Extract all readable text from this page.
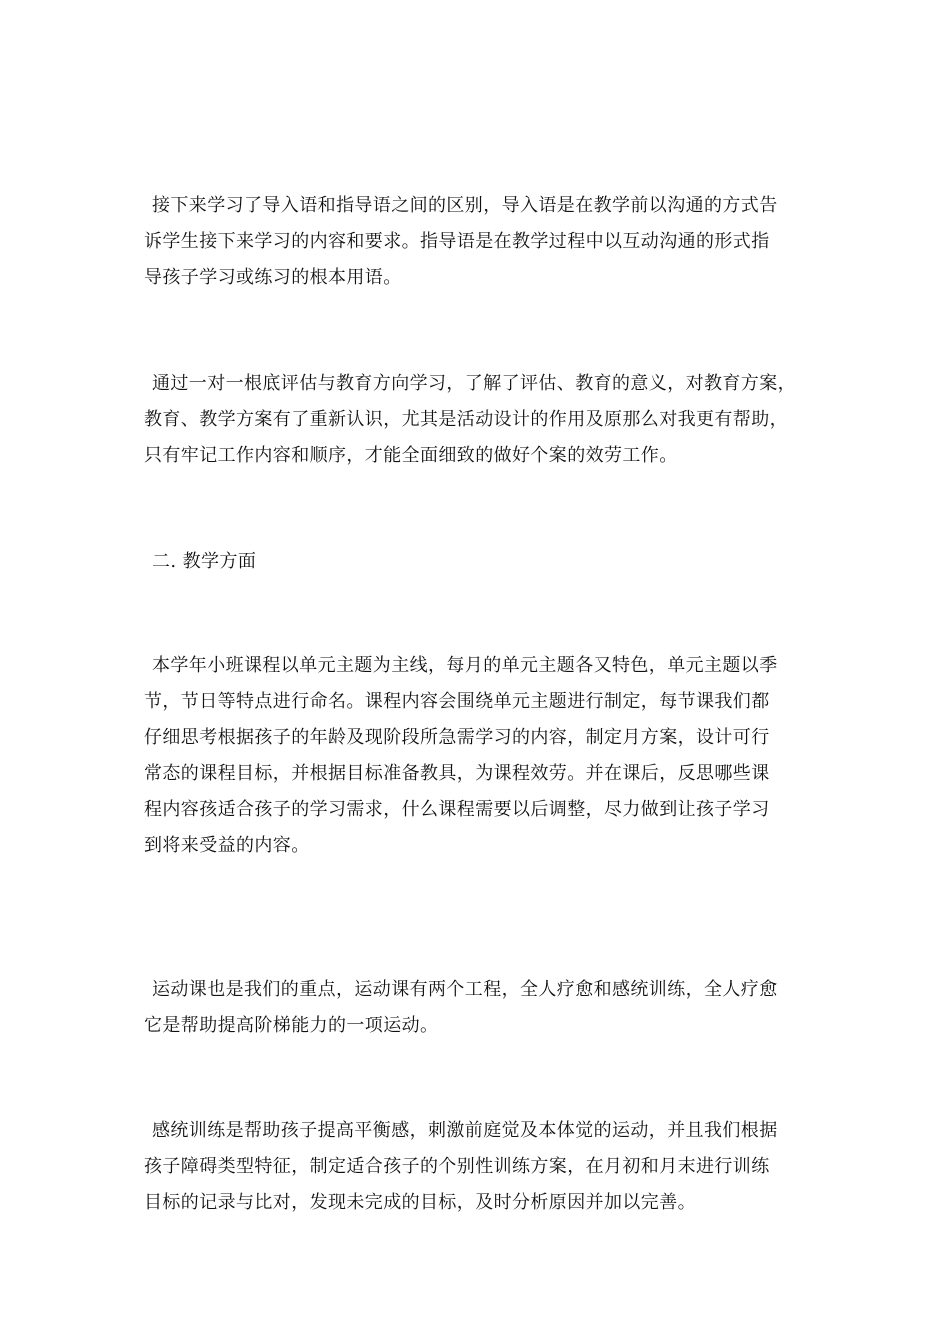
接下来学习了导入语和指导语之间的区别，导入语是在教学前以沟通的方式告
诉学生接下来学习的内容和要求。指导语是在教学过程中以互动沟通的形式指
导孩子学习或练习的根本用语。
通过一对一根底评估与教育方向学习，了解了评估、教育的意义，对教育方案，
教育、教学方案有了重新认识，尤其是活动设计的作用及原那么对我更有帮助，
只有牢记工作内容和顺序，才能全面细致的做好个案的效劳工作。
二. 教学方面
本学年小班课程以单元主题为主线，每月的单元主题各又特色，单元主题以季
节，节日等特点进行命名。课程内容会围绕单元主题进行制定，每节课我们都
仔细思考根据孩子的年龄及现阶段所急需学习的内容，制定月方案，设计可行
常态的课程目标，并根据目标准备教具，为课程效劳。并在课后，反思哪些课
程内容孩适合孩子的学习需求，什么课程需要以后调整，尽力做到让孩子学习
到将来受益的内容。
运动课也是我们的重点，运动课有两个工程，全人疗愈和感统训练，全人疗愈
它是帮助提高阶梯能力的一项运动。
感统训练是帮助孩子提高平衡感，刺激前庭觉及本体觉的运动，并且我们根据
孩子障碍类型特征，制定适合孩子的个别性训练方案，在月初和月末进行训练
目标的记录与比对，发现未完成的目标，及时分析原因并加以完善。
